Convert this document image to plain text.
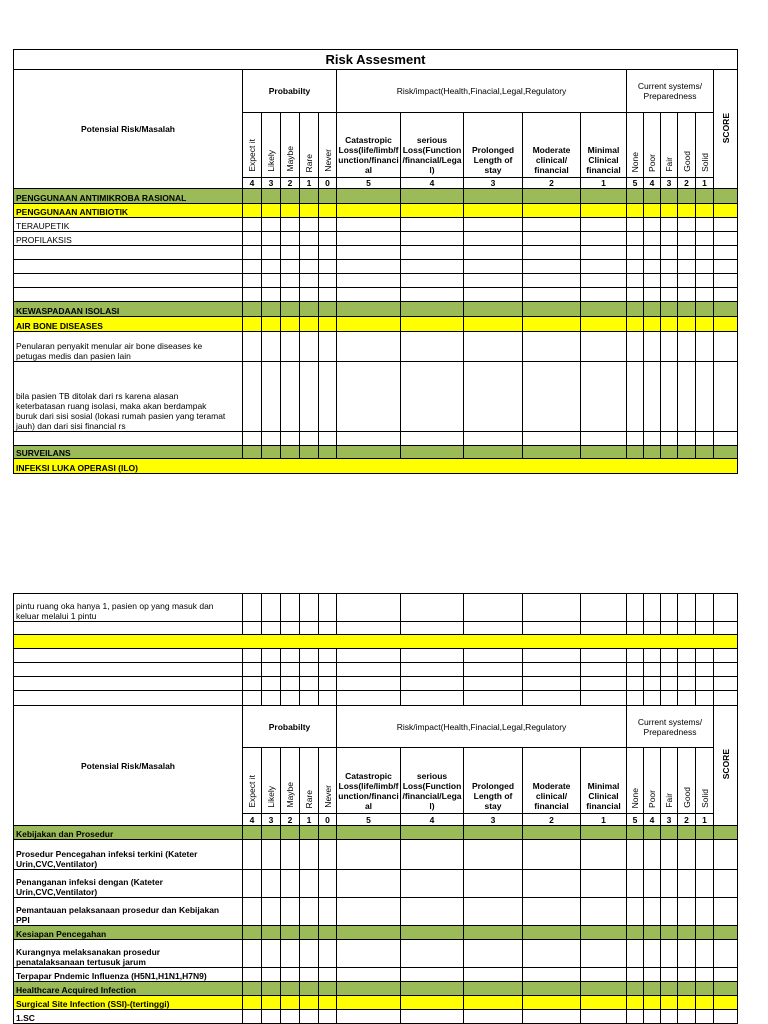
Risk Assesment																
Potensial Risk/Masalah	Probabilty					Risk/impact(Health,Finacial,Legal,Regulatory					Current systems/ Preparedness					SCORE
	Expect it	Likely	Maybe	Rare	Never	Catastropic Loss(life/limb/function/financial	serious Loss(Function/financial/Legal)	Prolonged Length of stay	Moderate clinical/ financial	Minimal Clinical financial	None	Poor	Fair	Good	Solid	
	4	3	2	1	0	5	4	3	2	1	5	4	3	2	1	
PENGGUNAAN ANTIMIKROBA RASIONAL																
PENGGUNAAN ANTIBIOTIK																
TERAUPETIK																
PROFILAKSIS																

KEWASPADAAN ISOLASI																
AIR BONE DISEASES																
Penularan penyakit menular air bone diseases ke petugas medis dan pasien lain																
bila pasien TB ditolak dari rs karena alasan keterbatasan ruang isolasi, maka akan berdampak buruk dari sisi sosial (lokasi rumah pasien yang teramat jauh) dan dari sisi financial rs																

SURVEILANS																
INFEKSI LUKA OPERASI (ILO)																
pintu ruang oka hanya 1, pasien op yang masuk dan keluar melalui 1 pintu																

Potensial Risk/Masalah	Probabilty					Risk/impact(Health,Finacial,Legal,Regulatory					Current systems/ Preparedness					SCORE
	Expect it	Likely	Maybe	Rare	Never	Catastropic Loss(life/limb/function/financial	serious Loss(Function/financial/Legal)	Prolonged Length of stay	Moderate clinical/ financial	Minimal Clinical financial	None	Poor	Fair	Good	Solid	
	4	3	2	1	0	5	4	3	2	1	5	4	3	2	1	
Kebijakan dan Prosedur																
Prosedur Pencegahan infeksi terkini (Kateter Urin,CVC,Ventilator)																
Penanganan infeksi dengan (Kateter Urin,CVC,Ventilator)																
Pemantauan pelaksanaan prosedur dan Kebijakan PPI																
Kesiapan Pencegahan																
Kurangnya melaksanakan prosedur penatalaksanaan tertusuk jarum																
Terpapar Pndemic Influenza (H5N1,H1N1,H7N9)																
Healthcare Acquired Infection																
Surgical Site Infection (SSI)-(tertinggi)																
1.SC																
